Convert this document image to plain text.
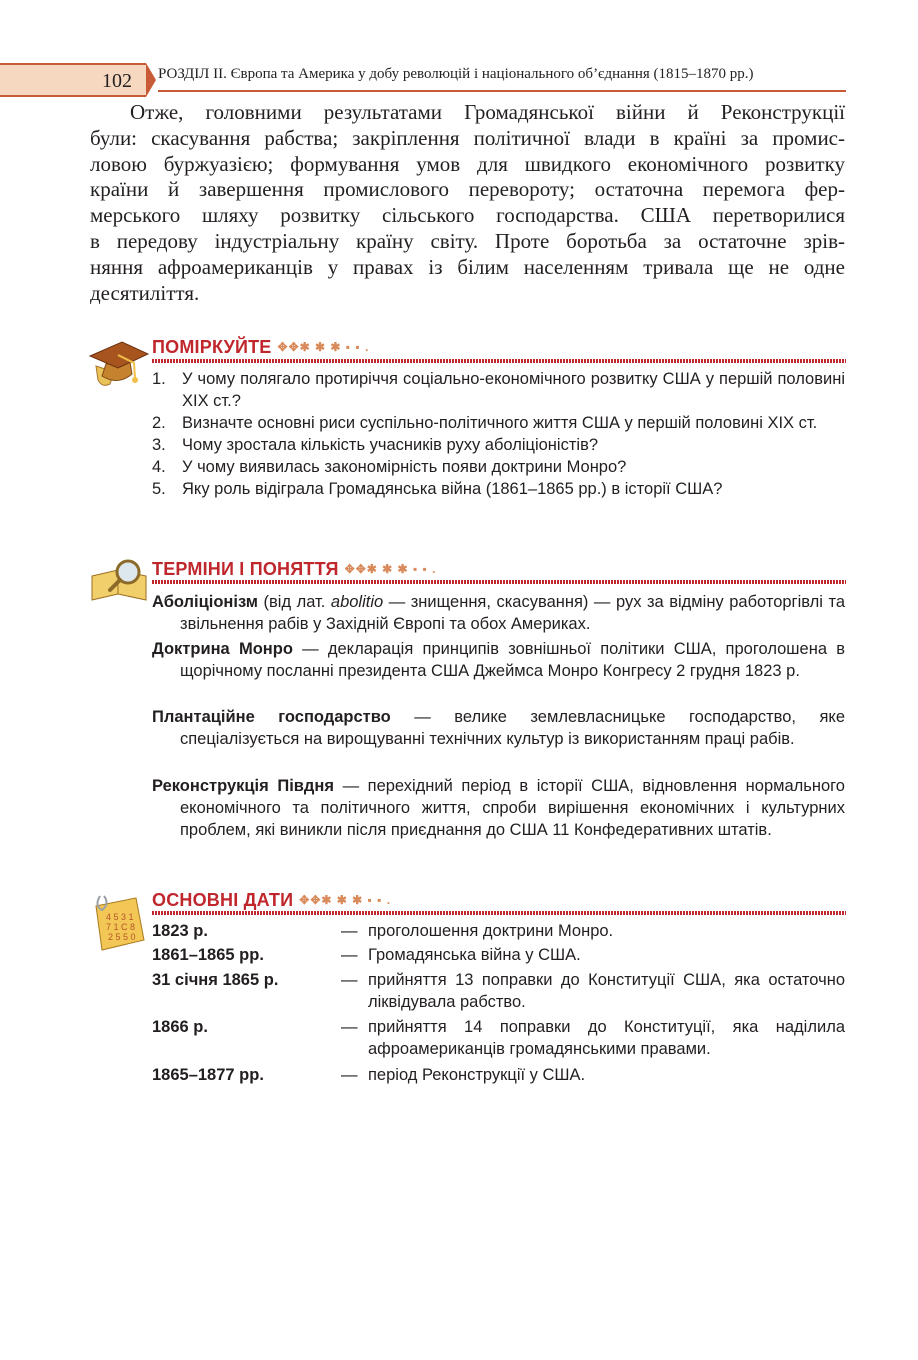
102 РОЗДІЛ ІІ. Європа та Америка у добу революцій і національного об’єднання (1815–1870 рр.)

Отже, головними результатами Громадянської війни й Реконструкції
були: скасування рабства; закріплення політичної влади в країні за промис-
ловою буржуазією; формування умов для швидкого економічного розвитку
країни й завершення промислового перевороту; остаточна перемога фер-
мерського шляху розвитку сільського господарства. США перетворилися
в передову індустріальну країну світу. Проте боротьба за остаточне зрів-
няння афроамериканців у правах із білим населенням тривала ще не одне
десятиліття.

ПОМІРКУЙТЕ ✥✥✱ ✱ ✱ ▪ ▪ .
1. У чому полягало протиріччя соціально-економічного розвитку США у першій половині XIX ст.?
2. Визначте основні риси суспільно-політичного життя США у першій половині XIX ст.
3. Чому зростала кількість учасників руху аболіціоністів?
4. У чому виявилась закономірність появи доктрини Монро?
5. Яку роль відіграла Громадянська війна (1861–1865 рр.) в історії США?
ТЕРМІНИ І ПОНЯТТЯ ✥✥✱ ✱ ✱ ▪ ▪ .
Аболіціонізм (від лат. abolitio — знищення, скасування) — рух за відміну работоргівлі та звільнення рабів у Західній Європі та обох Америках.
Доктрина Монро — декларація принципів зовнішньої політики США, проголошена в щорічному посланні президента США Джеймса Монро Конгресу 2 грудня 1823 р.
Плантаційне господарство — велике землевласницьке господарство, яке спеціалізується на вирощуванні технічних культур із використанням праці рабів.
Реконструкція Півдня — перехідний період в історії США, відновлення нормального економічного та політичного життя, спроби вирішення економічних і культурних проблем, які виникли після приєднання до США 11 Конфедеративних штатів.
4 5 3 1
7 1 C 8
2 5 5 0
ОСНОВНІ ДАТИ ✥✥✱ ✱ ✱ ▪ ▪ .
1823 р.	— проголошення доктрини Монро.
1861–1865 рр.	— Громадянська війна у США.
31 січня 1865 р.	— прийняття 13 поправки до Конституції США, яка остаточно ліквідувала рабство.
1866 р.	— прийняття 14 поправки до Конституції, яка наділила афроамериканців громадянськими правами.
1865–1877 рр.	— період Реконструкції у США.
